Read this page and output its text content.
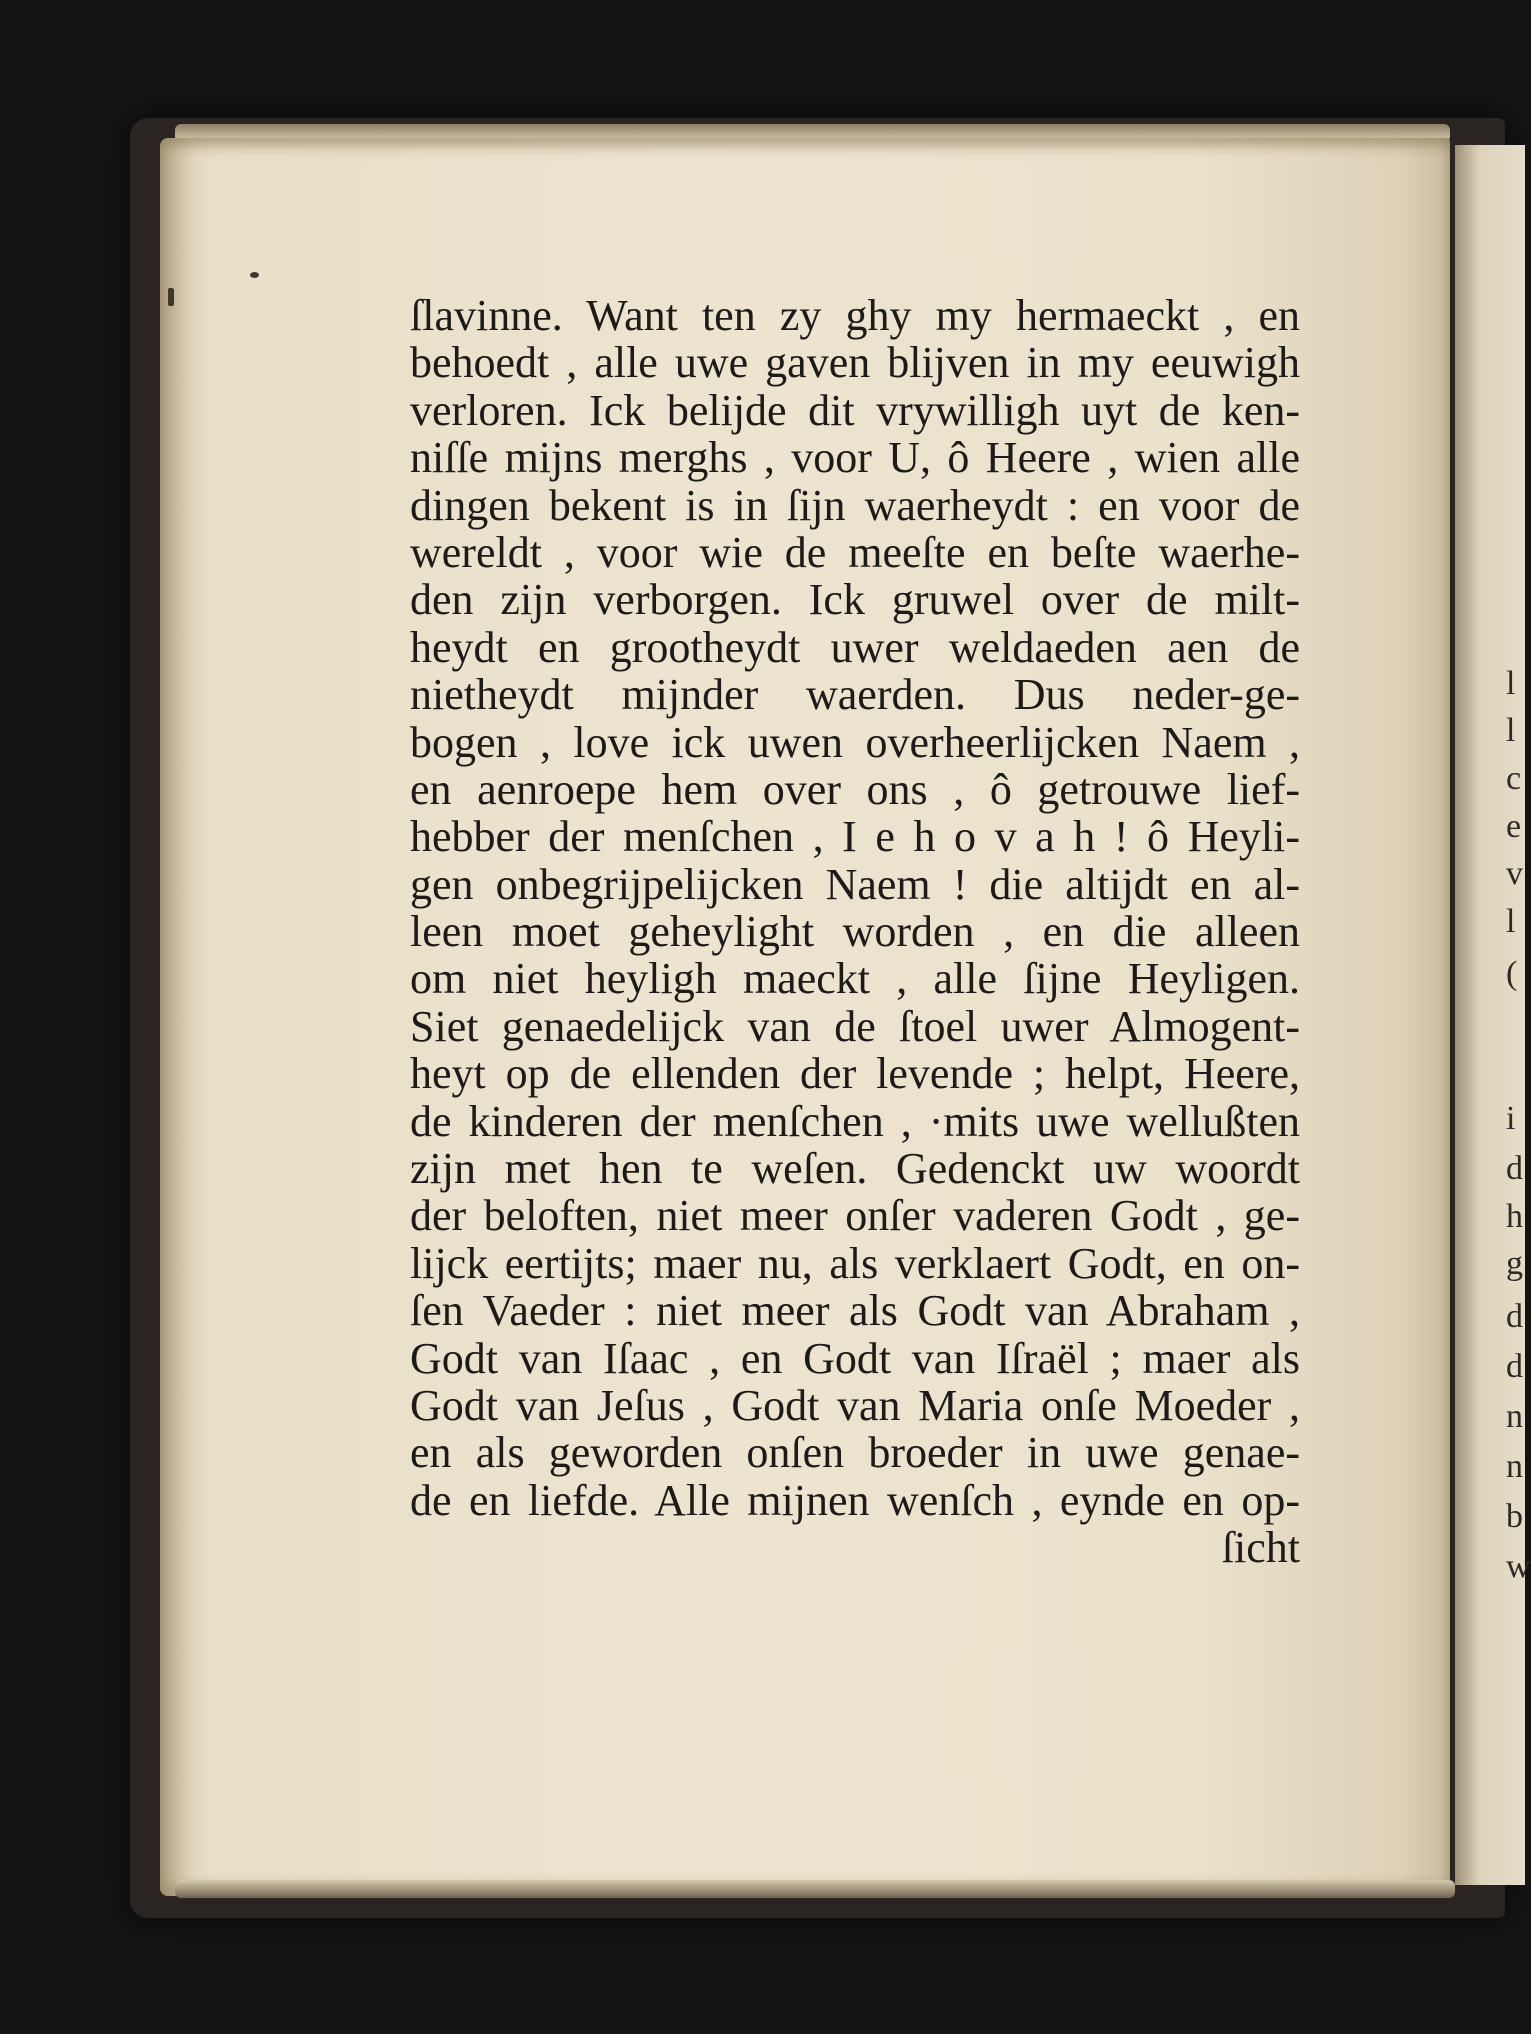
ſlavinne. Want ten zy ghy my hermaeckt , en
behoedt , alle uwe gaven blijven in my eeuwigh
verloren. Ick belijde dit vrywilligh uyt de ken-
niſſe mijns merghs , voor U, ô Heere , wien alle
dingen bekent is in ſijn waerheydt : en voor de
wereldt , voor wie de meeſte en beſte waerhe-
den zijn verborgen. Ick gruwel over de milt-
heydt en grootheydt uwer weldaeden aen de
nietheydt mijnder waerden. Dus neder-ge-
bogen , love ick uwen overheerlijcken Naem ,
en aenroepe hem over ons , ô getrouwe lief-
hebber der menſchen , I e h o v a h ! ô Heyli-
gen onbegrijpelijcken Naem ! die altijdt en al-
leen moet geheylight worden , en die alleen
om niet heyligh maeckt , alle ſijne Heyligen.
Siet genaedelijck van de ſtoel uwer Almogent-
heyt op de ellenden der levende ; helpt, Heere,
de kinderen der menſchen , ·mits uwe wellußten
zijn met hen te weſen. Gedenckt uw woordt
der beloften, niet meer onſer vaderen Godt , ge-
lijck eertijts; maer nu, als verklaert Godt, en on-
ſen Vaeder : niet meer als Godt van Abraham ,
Godt van Iſaac , en Godt van Iſraël ; maer als
Godt van Jeſus , Godt van Maria onſe Moeder ,
en als geworden onſen broeder in uwe genae-
de en liefde. Alle mijnen wenſch , eynde en op-
ſicht
l
l
c
e
v
l
(
i
d
h
g
d
d
n
n
b
w
